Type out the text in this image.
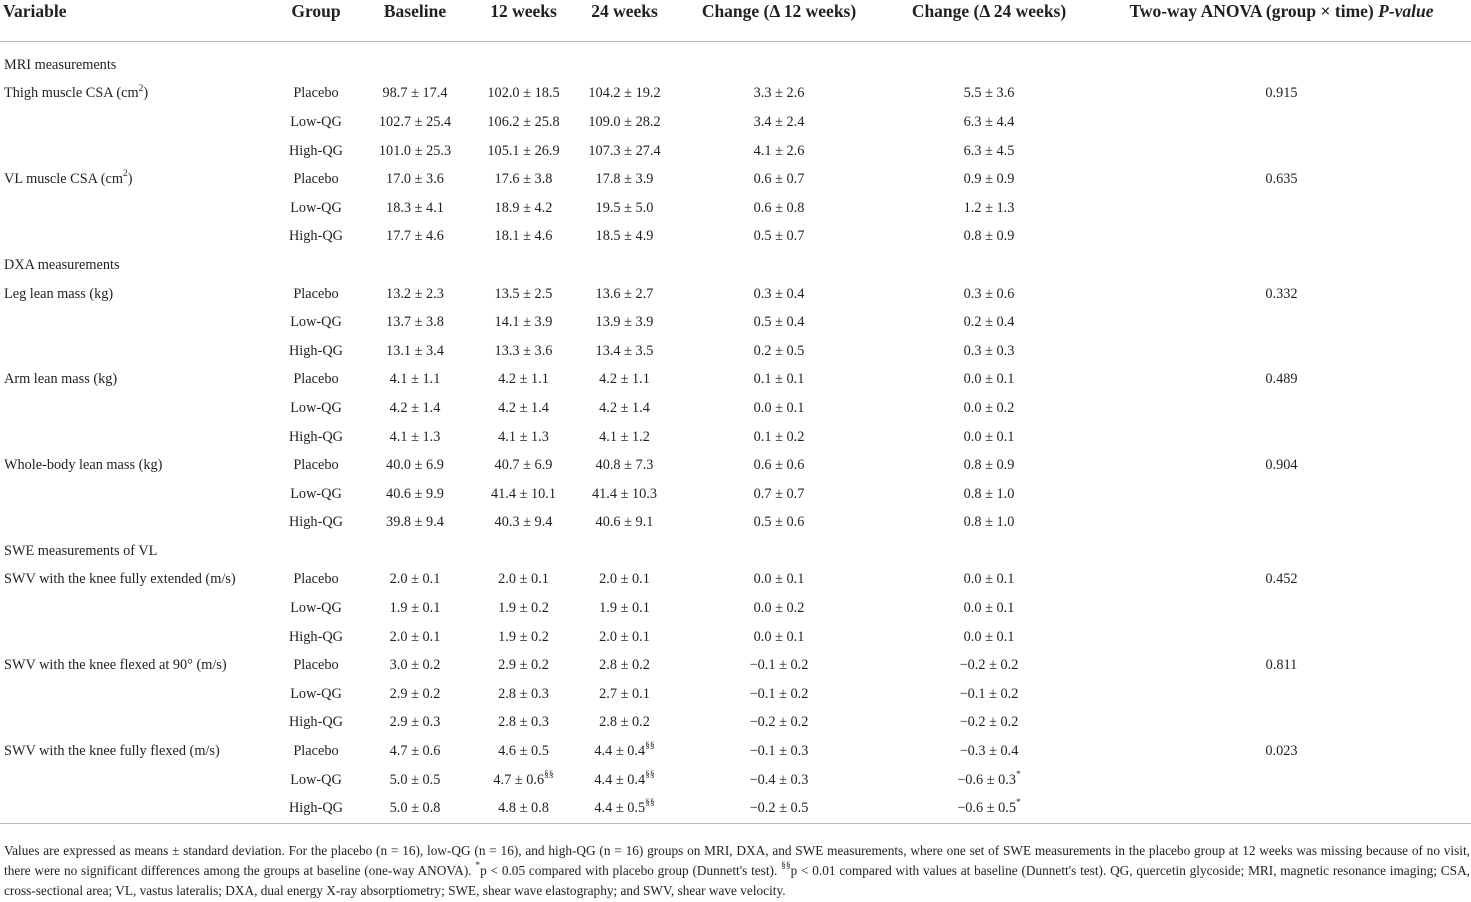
Variable	Group	Baseline	12 weeks	24 weeks	Change (Δ 12 weeks)	Change (Δ 24 weeks)	Two-way ANOVA (group × time) P-value

MRI measurements							
Thigh muscle CSA $(cm^2)$	Placebo	98.7 ± 17.4	102.0 ± 18.5	104.2 ± 19.2	3.3 ± 2.6	5.5 ± 3.6	0.915
	Low-QG	102.7 ± 25.4	106.2 ± 25.8	109.0 ± 28.2	3.4 ± 2.4	6.3 ± 4.4	
	High-QG	101.0 ± 25.3	105.1 ± 26.9	107.3 ± 27.4	4.1 ± 2.6	6.3 ± 4.5	
VL muscle CSA $(cm^2)$	Placebo	17.0 ± 3.6	17.6 ± 3.8	17.8 ± 3.9	0.6 ± 0.7	0.9 ± 0.9	0.635
	Low-QG	18.3 ± 4.1	18.9 ± 4.2	19.5 ± 5.0	0.6 ± 0.8	1.2 ± 1.3	
	High-QG	17.7 ± 4.6	18.1 ± 4.6	18.5 ± 4.9	0.5 ± 0.7	0.8 ± 0.9	
DXA measurements							
Leg lean mass (kg)	Placebo	13.2 ± 2.3	13.5 ± 2.5	13.6 ± 2.7	0.3 ± 0.4	0.3 ± 0.6	0.332
	Low-QG	13.7 ± 3.8	14.1 ± 3.9	13.9 ± 3.9	0.5 ± 0.4	0.2 ± 0.4	
	High-QG	13.1 ± 3.4	13.3 ± 3.6	13.4 ± 3.5	0.2 ± 0.5	0.3 ± 0.3	
Arm lean mass (kg)	Placebo	4.1 ± 1.1	4.2 ± 1.1	4.2 ± 1.1	0.1 ± 0.1	0.0 ± 0.1	0.489
	Low-QG	4.2 ± 1.4	4.2 ± 1.4	4.2 ± 1.4	0.0 ± 0.1	0.0 ± 0.2	
	High-QG	4.1 ± 1.3	4.1 ± 1.3	4.1 ± 1.2	0.1 ± 0.2	0.0 ± 0.1	
Whole-body lean mass (kg)	Placebo	40.0 ± 6.9	40.7 ± 6.9	40.8 ± 7.3	0.6 ± 0.6	0.8 ± 0.9	0.904
	Low-QG	40.6 ± 9.9	41.4 ± 10.1	41.4 ± 10.3	0.7 ± 0.7	0.8 ± 1.0	
	High-QG	39.8 ± 9.4	40.3 ± 9.4	40.6 ± 9.1	0.5 ± 0.6	0.8 ± 1.0	
SWE measurements of VL							
SWV with the knee fully extended (m/s)	Placebo	2.0 ± 0.1	2.0 ± 0.1	2.0 ± 0.1	0.0 ± 0.1	0.0 ± 0.1	0.452
	Low-QG	1.9 ± 0.1	1.9 ± 0.2	1.9 ± 0.1	0.0 ± 0.2	0.0 ± 0.1	
	High-QG	2.0 ± 0.1	1.9 ± 0.2	2.0 ± 0.1	0.0 ± 0.1	0.0 ± 0.1	
SWV with the knee flexed at 90° (m/s)	Placebo	3.0 ± 0.2	2.9 ± 0.2	2.8 ± 0.2	−0.1 ± 0.2	−0.2 ± 0.2	0.811
	Low-QG	2.9 ± 0.2	2.8 ± 0.3	2.7 ± 0.1	−0.1 ± 0.2	−0.1 ± 0.2	
	High-QG	2.9 ± 0.3	2.8 ± 0.3	2.8 ± 0.2	−0.2 ± 0.2	−0.2 ± 0.2	
SWV with the knee fully flexed (m/s)	Placebo	4.7 ± 0.6	4.6 ± 0.5	4.4 ± 0.4§§	−0.1 ± 0.3	−0.3 ± 0.4	0.023
	Low-QG	5.0 ± 0.5	4.7 ± 0.6§§	4.4 ± 0.4§§	−0.4 ± 0.3	−0.6 ± 0.3*	
	High-QG	5.0 ± 0.8	4.8 ± 0.8	4.4 ± 0.5§§	−0.2 ± 0.5	−0.6 ± 0.5*	
Values are expressed as means ± standard deviation. For the placebo (n = 16), low-QG (n = 16), and high-QG (n = 16) groups on MRI, DXA, and SWE measurements, where one set of SWE measurements in the placebo group at 12 weeks was missing because of no visit, there were no significant differences among the groups at baseline (one-way ANOVA). *p < 0.05 compared with placebo group (Dunnett's test). §§p < 0.01 compared with values at baseline (Dunnett's test). QG, quercetin glycoside; MRI, magnetic resonance imaging; CSA, cross-sectional area; VL, vastus lateralis; DXA, dual energy X-ray absorptiometry; SWE, shear wave elastography; and SWV, shear wave velocity.
